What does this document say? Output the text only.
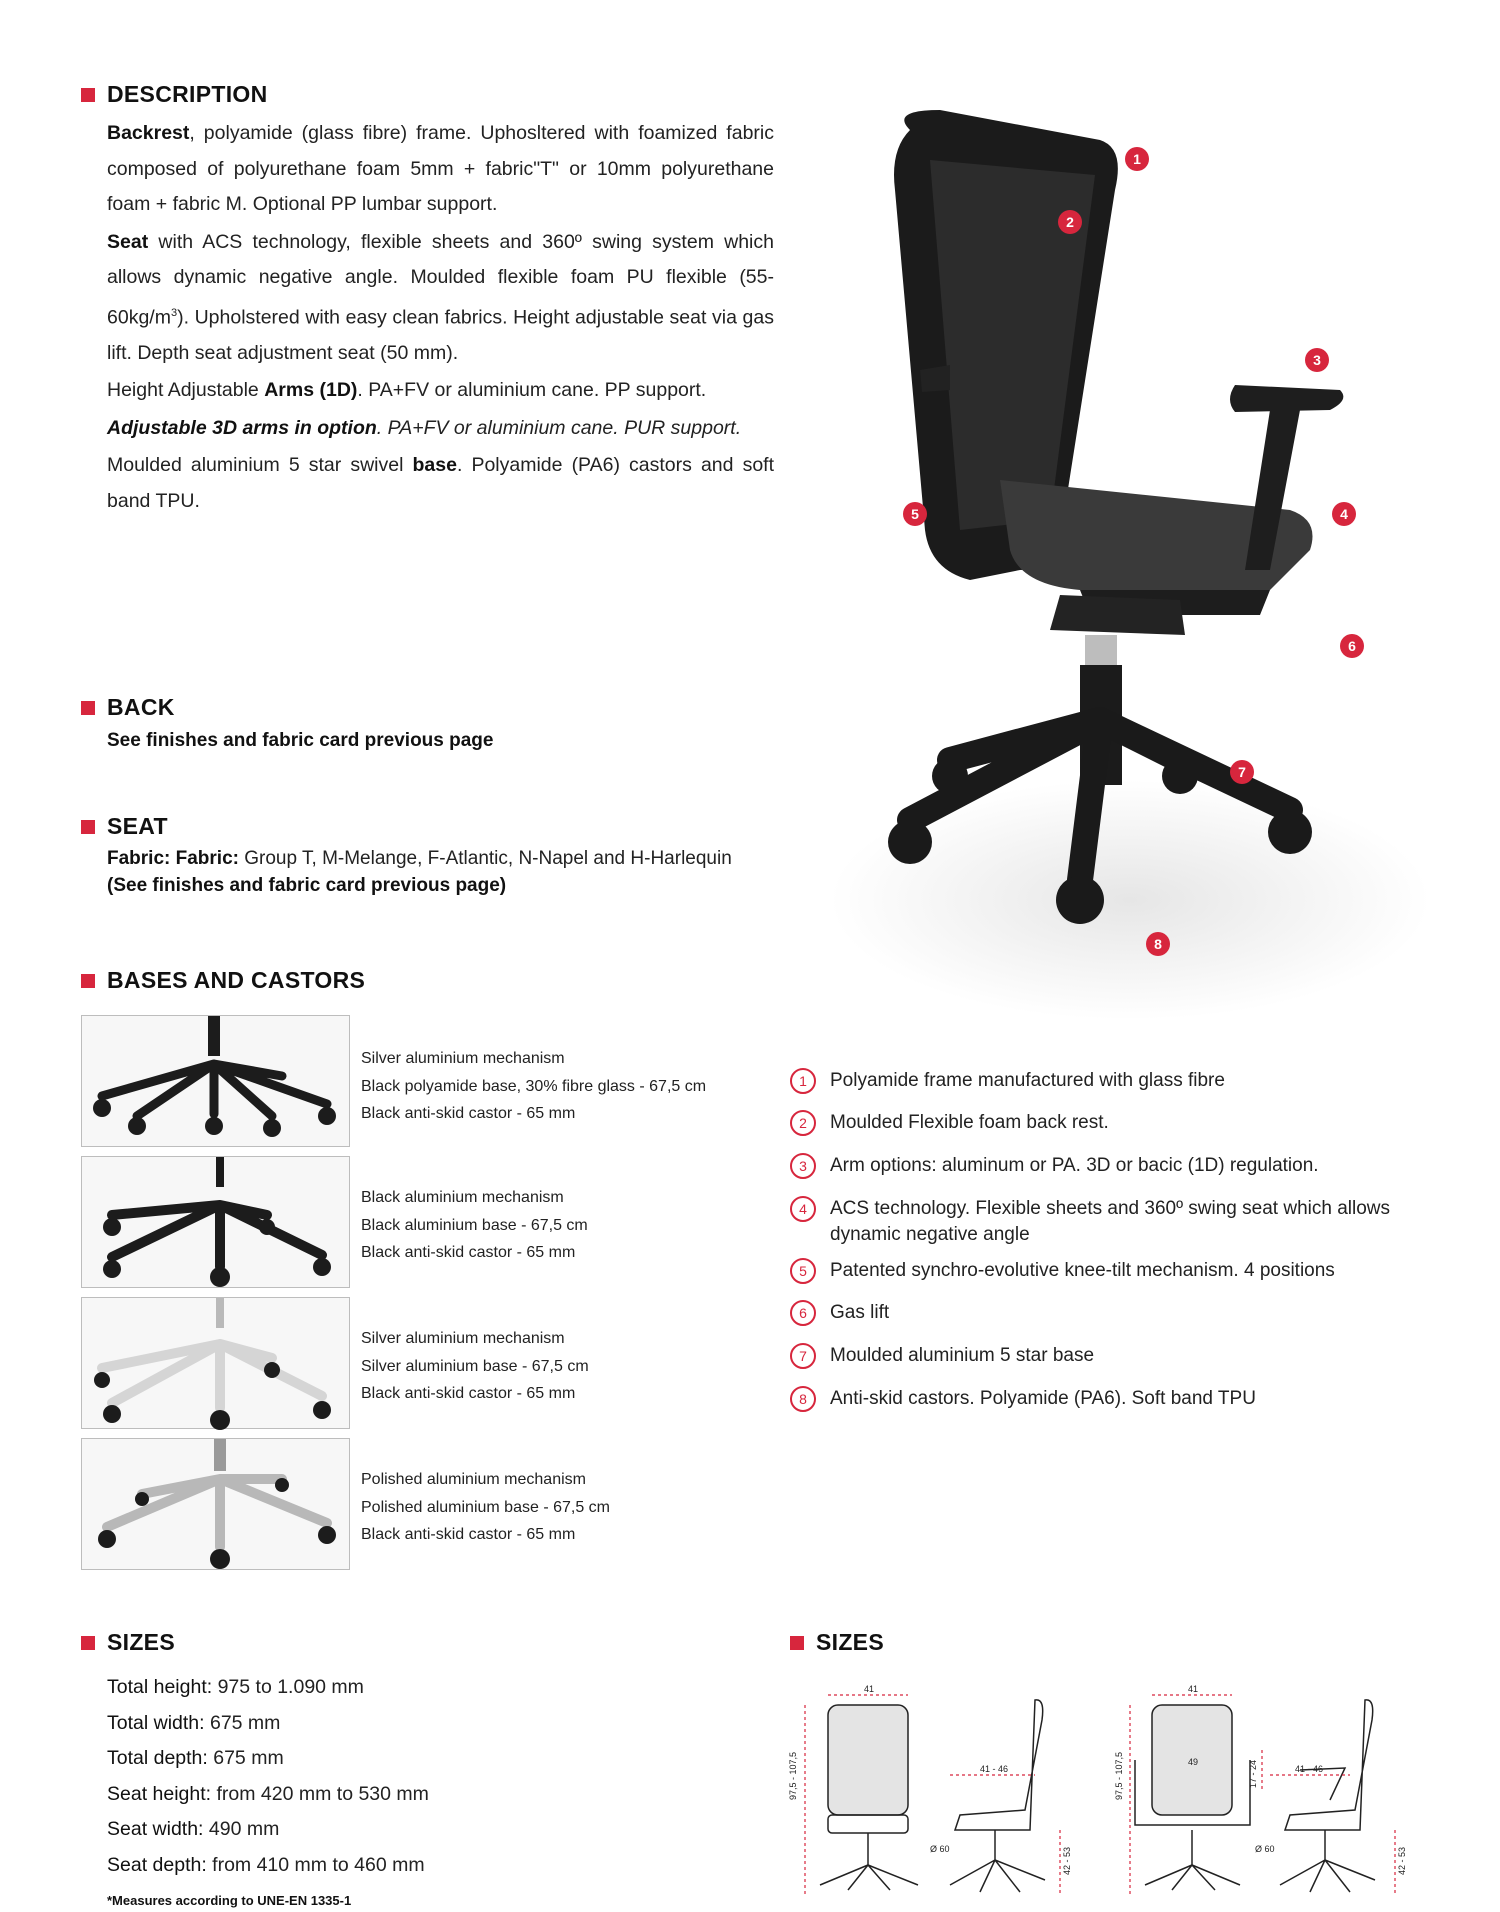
DESCRIPTION

Backrest, polyamide (glass fibre) frame. Uphosltered with foamized fabric composed of polyurethane foam 5mm + fabric"T" or 10mm polyurethane foam + fabric M. Optional PP lumbar support.

Seat with ACS technology, flexible sheets and 360º swing system which allows dynamic negative angle. Moulded flexible foam PU flexible $(55-60kg/m^3)$. Upholstered with easy clean fabrics. Height adjustable seat via gas lift. Depth seat adjustment seat (50 mm).

Height Adjustable Arms (1D). PA+FV or aluminium cane. PP support.

Adjustable 3D arms in option. PA+FV or aluminium cane. PUR support.

Moulded aluminium 5 star swivel base. Polyamide (PA6) castors and soft band TPU.

BACK
See finishes and fabric card previous page
SEAT
Fabric: Fabric: Group T, M-Melange, F-Atlantic, N-Napel and H-Harlequin
(See finishes and fabric card previous page)
BASES AND CASTORS
Silver aluminium mechanism
Black polyamide base, 30% fibre glass - 67,5 cm
Black anti-skid castor - 65 mm
Black aluminium mechanism
Black aluminium base - 67,5 cm
Black anti-skid castor - 65 mm
Silver aluminium mechanism
Silver aluminium base - 67,5 cm
Black anti-skid castor - 65 mm
Polished aluminium mechanism
Polished aluminium base - 67,5 cm
Black anti-skid castor - 65 mm
1
2
3
4
5
6
7
8
1	Polyamide frame manufactured with glass fibre
2	Moulded Flexible foam back rest.
3	Arm options: aluminum or PA. 3D or bacic (1D) regulation.
4	ACS technology. Flexible sheets and 360º swing seat which allows dynamic negative angle
5	Patented synchro-evolutive knee-tilt mechanism. 4 positions
6	Gas lift
7	Moulded aluminium 5 star base
8	Anti-skid castors. Polyamide (PA6). Soft band TPU
SIZES
Total height: 975 to 1.090 mm
Total width: 675 mm
Total depth: 675 mm
Seat height: from 420 mm to 530 mm
Seat width: 490 mm
Seat depth: from 410 mm to 460 mm
*Measures according to UNE-EN 1335-1
SIZES
41
97,5 - 107,5	41 - 46
Ø 60	42 - 53
41
49
97,5 - 107,5	17 - 24	41 - 46
Ø 60	42 - 53
